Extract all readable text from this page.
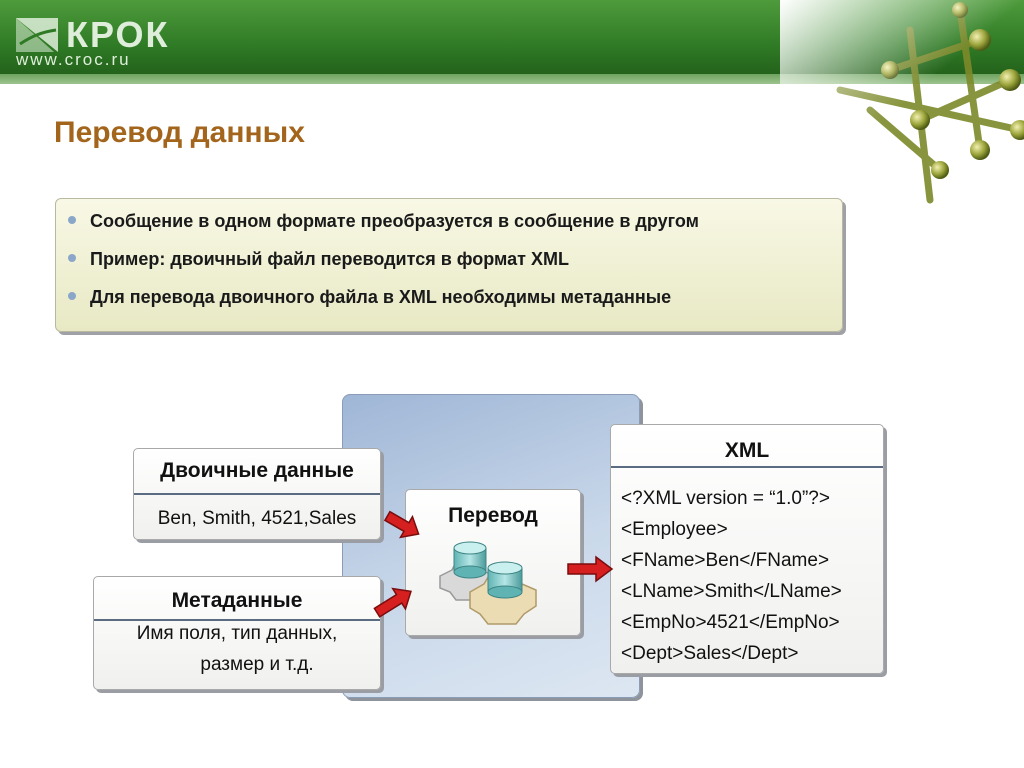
КРОК
www.croc.ru
Перевод данных
Сообщение в одном формате преобразуется в сообщение в другом
Пример: двоичный файл переводится в формат XML
Для перевода двоичного файла в XML необходимы метаданные
Двоичные данные
Ben, Smith, 4521,Sales
Метаданные
Имя поля, тип данных,
размер и т.д.
Перевод
XML
<?XML version = “1.0”?>
<Employee>
<FName>Ben</FName>
<LName>Smith</LName>
<EmpNo>4521</EmpNo>
<Dept>Sales</Dept>
